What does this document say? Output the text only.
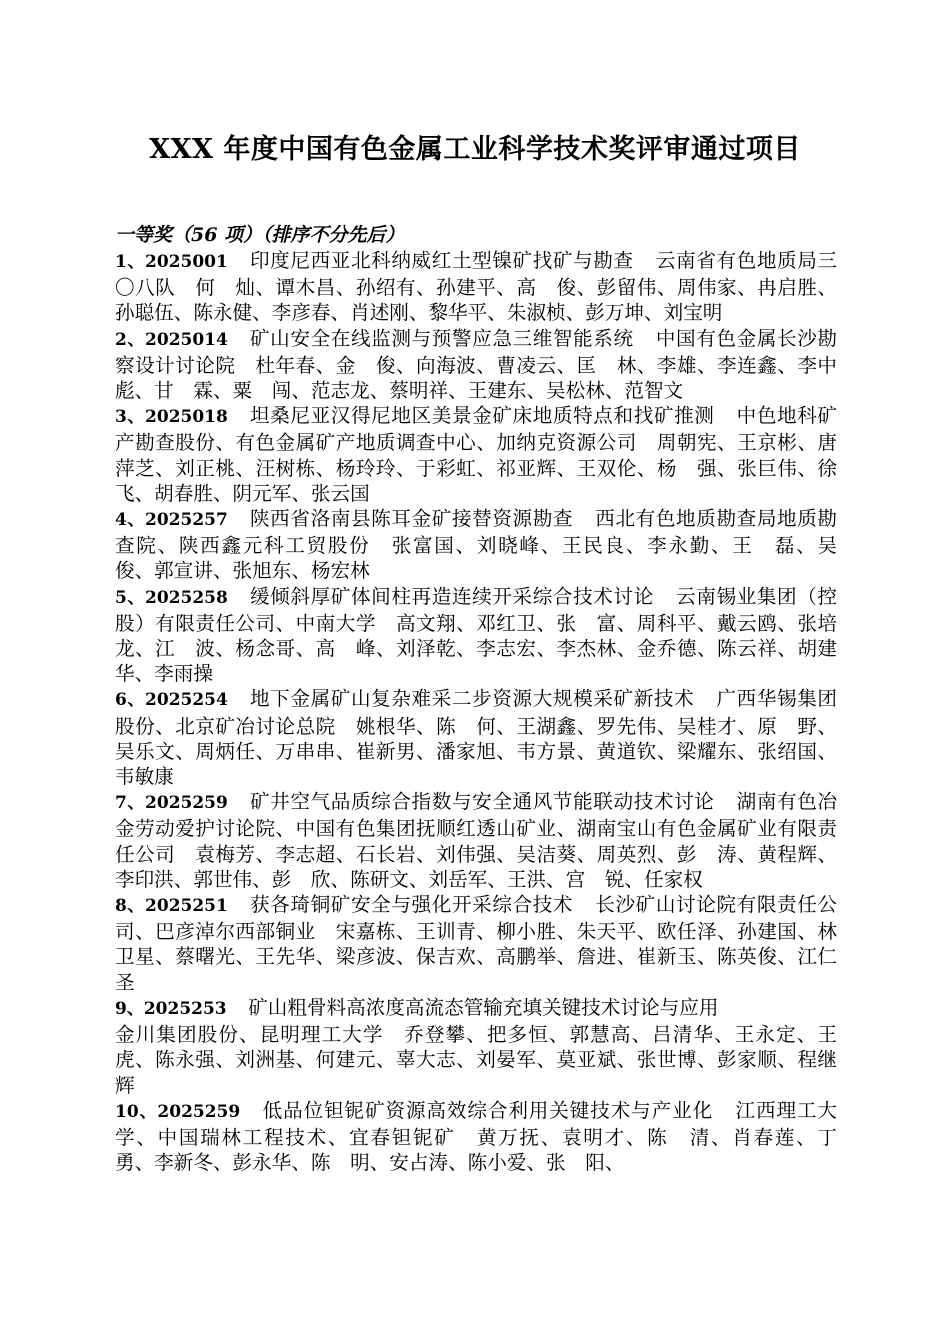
XXX 年度中国有色金属工业科学技术奖评审通过项目
一等奖（56 项）（排序不分先后）

1、2025001 印度尼西亚北科纳威红土型镍矿找矿与勘查 云南省有色地质局三〇八队　何　灿、谭木昌、孙绍有、孙建平、高　俊、彭留伟、周伟家、冉启胜、孙聪伍、陈永健、李彦春、肖述刚、黎华平、朱淑桢、彭万坤、刘宝明

2、2025014 矿山安全在线监测与预警应急三维智能系统 中国有色金属长沙勘察设计讨论院　杜年春、金　俊、向海波、曹凌云、匡　林、李雄、李连鑫、李中彪、甘　霖、粟　闯、范志龙、蔡明祥、王建东、吴松林、范智文

3、2025018 坦桑尼亚汉得尼地区美景金矿床地质特点和找矿推测 中色地科矿产勘查股份、有色金属矿产地质调查中心、加纳克资源公司　周朝宪、王京彬、唐萍芝、刘正桃、汪树栋、杨玲玲、于彩虹、祁亚辉、王双伦、杨　强、张巨伟、徐　飞、胡春胜、阴元军、张云国

4、2025257 陕西省洛南县陈耳金矿接替资源勘查 西北有色地质勘查局地质勘查院、陕西鑫元科工贸股份　张富国、刘晓峰、王民良、李永勤、王　磊、吴　俊、郭宣讲、张旭东、杨宏林

5、2025258 缓倾斜厚矿体间柱再造连续开采综合技术讨论 云南锡业集团（控股）有限责任公司、中南大学　高文翔、邓红卫、张　富、周科平、戴云鸥、张培龙、江　波、杨念哥、高　峰、刘泽乾、李志宏、李杰林、金乔德、陈云祥、胡建华、李雨操

6、2025254 地下金属矿山复杂难采二步资源大规模采矿新技术 广西华锡集团股份、北京矿冶讨论总院　姚根华、陈　何、王湖鑫、罗先伟、吴桂才、原　野、吴乐文、周炳任、万串串、崔新男、潘家旭、韦方景、黄道钦、梁耀东、张绍国、韦敏康

7、2025259 矿井空气品质综合指数与安全通风节能联动技术讨论 湖南有色冶金劳动爱护讨论院、中国有色集团抚顺红透山矿业、湖南宝山有色金属矿业有限责任公司　袁梅芳、李志超、石长岩、刘伟强、吴洁葵、周英烈、彭　涛、黄程辉、李印洪、郭世伟、彭　欣、陈研文、刘岳军、王洪、宫　锐、任家权

8、2025251 获各琦铜矿安全与强化开采综合技术 长沙矿山讨论院有限责任公司、巴彦淖尔西部铜业　宋嘉栋、王训青、柳小胜、朱天平、欧任泽、孙建国、林卫星、蔡曙光、王先华、梁彦波、保吉欢、高鹏举、詹进、崔新玉、陈英俊、江仁圣

9、2025253 矿山粗骨料高浓度高流态管输充填关键技术讨论与应用
金川集团股份、昆明理工大学　乔登攀、把多恒、郭慧高、吕清华、王永定、王　虎、陈永强、刘洲基、何建元、辜大志、刘晏军、莫亚斌、张世博、彭家顺、程继辉

10、2025259 低品位钽铌矿资源高效综合利用关键技术与产业化 江西理工大学、中国瑞林工程技术、宜春钽铌矿　黄万抚、袁明才、陈　清、肖春莲、丁　勇、李新冬、彭永华、陈　明、安占涛、陈小爱、张　阳、
